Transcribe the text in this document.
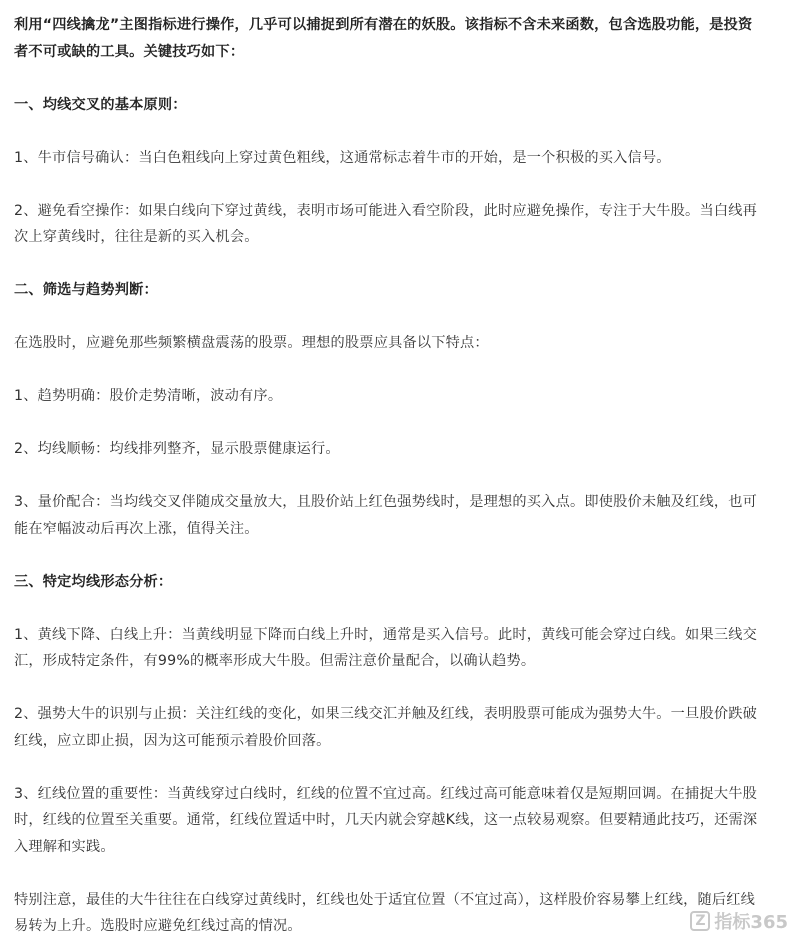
利用“四线擒龙”主图指标进行操作，几乎可以捕捉到所有潜在的妖股。该指标不含未来函数，包含选股功能，是投资者不可或缺的工具。关键技巧如下：

一、均线交叉的基本原则：

1、牛市信号确认：当白色粗线向上穿过黄色粗线，这通常标志着牛市的开始，是一个积极的买入信号。

2、避免看空操作：如果白线向下穿过黄线，表明市场可能进入看空阶段，此时应避免操作，专注于大牛股。当白线再次上穿黄线时，往往是新的买入机会。

二、筛选与趋势判断：

在选股时，应避免那些频繁横盘震荡的股票。理想的股票应具备以下特点：

1、趋势明确：股价走势清晰，波动有序。

2、均线顺畅：均线排列整齐，显示股票健康运行。

3、量价配合：当均线交叉伴随成交量放大，且股价站上红色强势线时，是理想的买入点。即使股价未触及红线，也可能在窄幅波动后再次上涨，值得关注。

三、特定均线形态分析：

1、黄线下降、白线上升：当黄线明显下降而白线上升时，通常是买入信号。此时，黄线可能会穿过白线。如果三线交汇，形成特定条件，有99%的概率形成大牛股。但需注意价量配合，以确认趋势。

2、强势大牛的识别与止损：关注红线的变化，如果三线交汇并触及红线，表明股票可能成为强势大牛。一旦股价跌破红线，应立即止损，因为这可能预示着股价回落。

3、红线位置的重要性：当黄线穿过白线时，红线的位置不宜过高。红线过高可能意味着仅是短期回调。在捕捉大牛股时，红线的位置至关重要。通常，红线位置适中时，几天内就会穿越K线，这一点较易观察。但要精通此技巧，还需深入理解和实践。

特别注意，最佳的大牛往往在白线穿过黄线时，红线也处于适宜位置（不宜过高），这样股价容易攀上红线，随后红线易转为上升。选股时应避免红线过高的情况。	Z 指标365
